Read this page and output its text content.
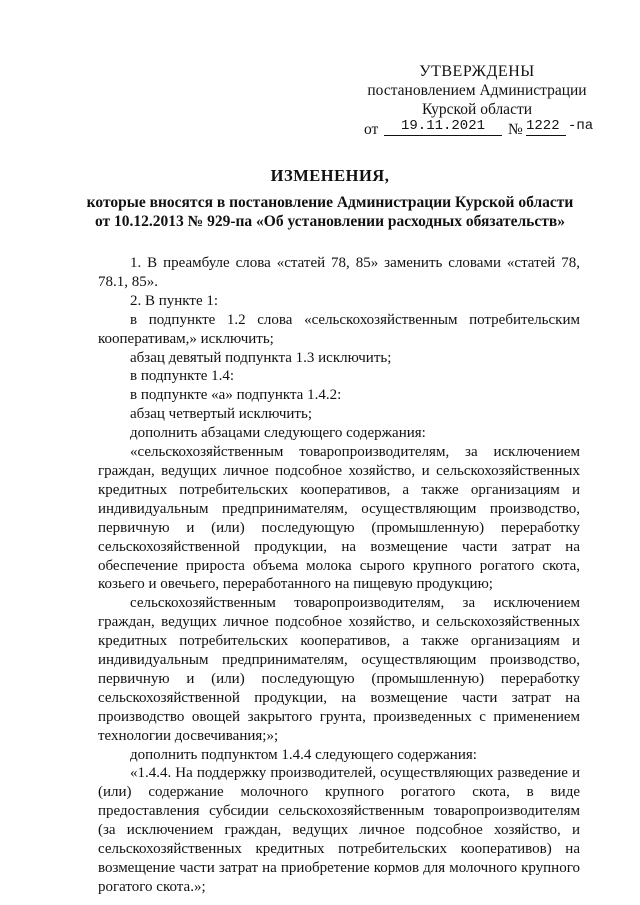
УТВЕРЖДЕНЫ
постановлением Администрации
Курской области
от	19.11.2021	№ 1222 -па
ИЗМЕНЕНИЯ,
которые вносятся в постановление Администрации Курской области
от 10.12.2013 № 929-па «Об установлении расходных обязательств»

1. В преамбуле слова «статей 78, 85» заменить словами «статей 78, 78.1, 85».

2. В пункте 1:

в подпункте 1.2 слова «сельскохозяйственным потребительским кооперативам,» исключить;

абзац девятый подпункта 1.3 исключить;

в подпункте 1.4:

в подпункте «а» подпункта 1.4.2:

абзац четвертый исключить;

дополнить абзацами следующего содержания:

«сельскохозяйственным товаропроизводителям, за исключением граждан, ведущих личное подсобное хозяйство, и сельскохозяйственных кредитных потребительских кооперативов, а также организациям и индивидуальным предпринимателям, осуществляющим производство, первичную и (или) последующую (промышленную) переработку сельскохозяйственной продукции, на возмещение части затрат на обеспечение прироста объема молока сырого крупного рогатого скота, козьего и овечьего, переработанного на пищевую продукцию;

сельскохозяйственным товаропроизводителям, за исключением граждан, ведущих личное подсобное хозяйство, и сельскохозяйственных кредитных потребительских кооперативов, а также организациям и индивидуальным предпринимателям, осуществляющим производство, первичную и (или) последующую (промышленную) переработку сельскохозяйственной продукции, на возмещение части затрат на производство овощей закрытого грунта, произведенных с применением технологии досвечивания;»;

дополнить подпунктом 1.4.4 следующего содержания:

«1.4.4. На поддержку производителей, осуществляющих разведение и (или) содержание молочного крупного рогатого скота, в виде предоставления субсидии сельскохозяйственным товаропроизводителям (за исключением граждан, ведущих личное подсобное хозяйство, и сельскохозяйственных кредитных потребительских кооперативов) на возмещение части затрат на приобретение кормов для молочного крупного рогатого скота.»;
